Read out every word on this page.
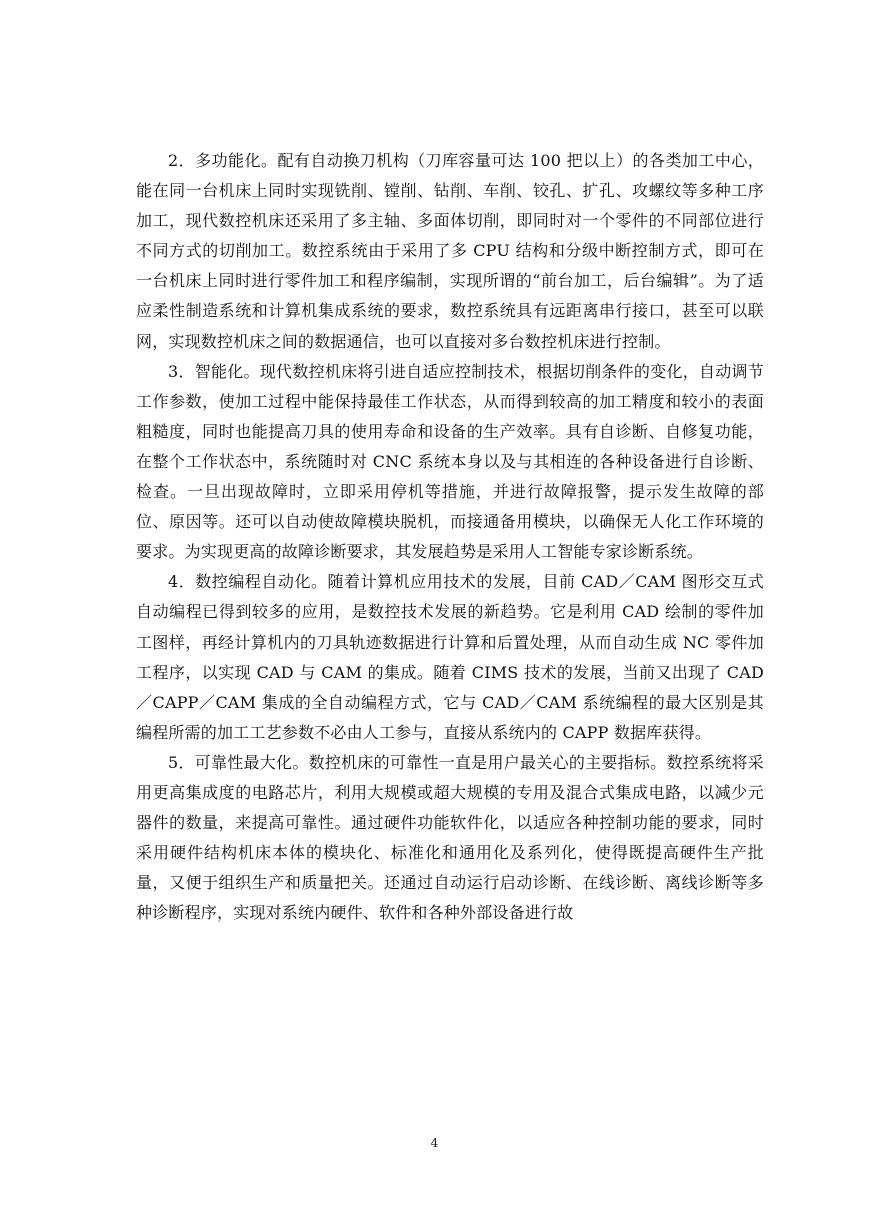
2．多功能化。配有自动换刀机构（刀库容量可达 100 把以上）的各类加工中心，能在同一台机床上同时实现铣削、镗削、钻削、车削、铰孔、扩孔、攻螺纹等多种工序加工，现代数控机床还采用了多主轴、多面体切削，即同时对一个零件的不同部位进行不同方式的切削加工。数控系统由于采用了多 CPU 结构和分级中断控制方式，即可在一台机床上同时进行零件加工和程序编制，实现所谓的“前台加工，后台编辑”。为了适应柔性制造系统和计算机集成系统的要求，数控系统具有远距离串行接口，甚至可以联网，实现数控机床之间的数据通信，也可以直接对多台数控机床进行控制。

3．智能化。现代数控机床将引进自适应控制技术，根据切削条件的变化，自动调节工作参数，使加工过程中能保持最佳工作状态，从而得到较高的加工精度和较小的表面粗糙度，同时也能提高刀具的使用寿命和设备的生产效率。具有自诊断、自修复功能，在整个工作状态中，系统随时对 CNC 系统本身以及与其相连的各种设备进行自诊断、检查。一旦出现故障时，立即采用停机等措施，并进行故障报警，提示发生故障的部位、原因等。还可以自动使故障模块脱机，而接通备用模块，以确保无人化工作环境的要求。为实现更高的故障诊断要求，其发展趋势是采用人工智能专家诊断系统。

4．数控编程自动化。随着计算机应用技术的发展，目前 CAD／CAM 图形交互式自动编程已得到较多的应用，是数控技术发展的新趋势。它是利用 CAD 绘制的零件加工图样，再经计算机内的刀具轨迹数据进行计算和后置处理，从而自动生成 NC 零件加工程序，以实现 CAD 与 CAM 的集成。随着 CIMS 技术的发展，当前又出现了 CAD／CAPP／CAM 集成的全自动编程方式，它与 CAD／CAM 系统编程的最大区别是其编程所需的加工工艺参数不必由人工参与，直接从系统内的 CAPP 数据库获得。

5．可靠性最大化。数控机床的可靠性一直是用户最关心的主要指标。数控系统将采用更高集成度的电路芯片，利用大规模或超大规模的专用及混合式集成电路，以减少元器件的数量，来提高可靠性。通过硬件功能软件化，以适应各种控制功能的要求，同时采用硬件结构机床本体的模块化、标准化和通用化及系列化，使得既提高硬件生产批量，又便于组织生产和质量把关。还通过自动运行启动诊断、在线诊断、离线诊断等多种诊断程序，实现对系统内硬件、软件和各种外部设备进行故

4
